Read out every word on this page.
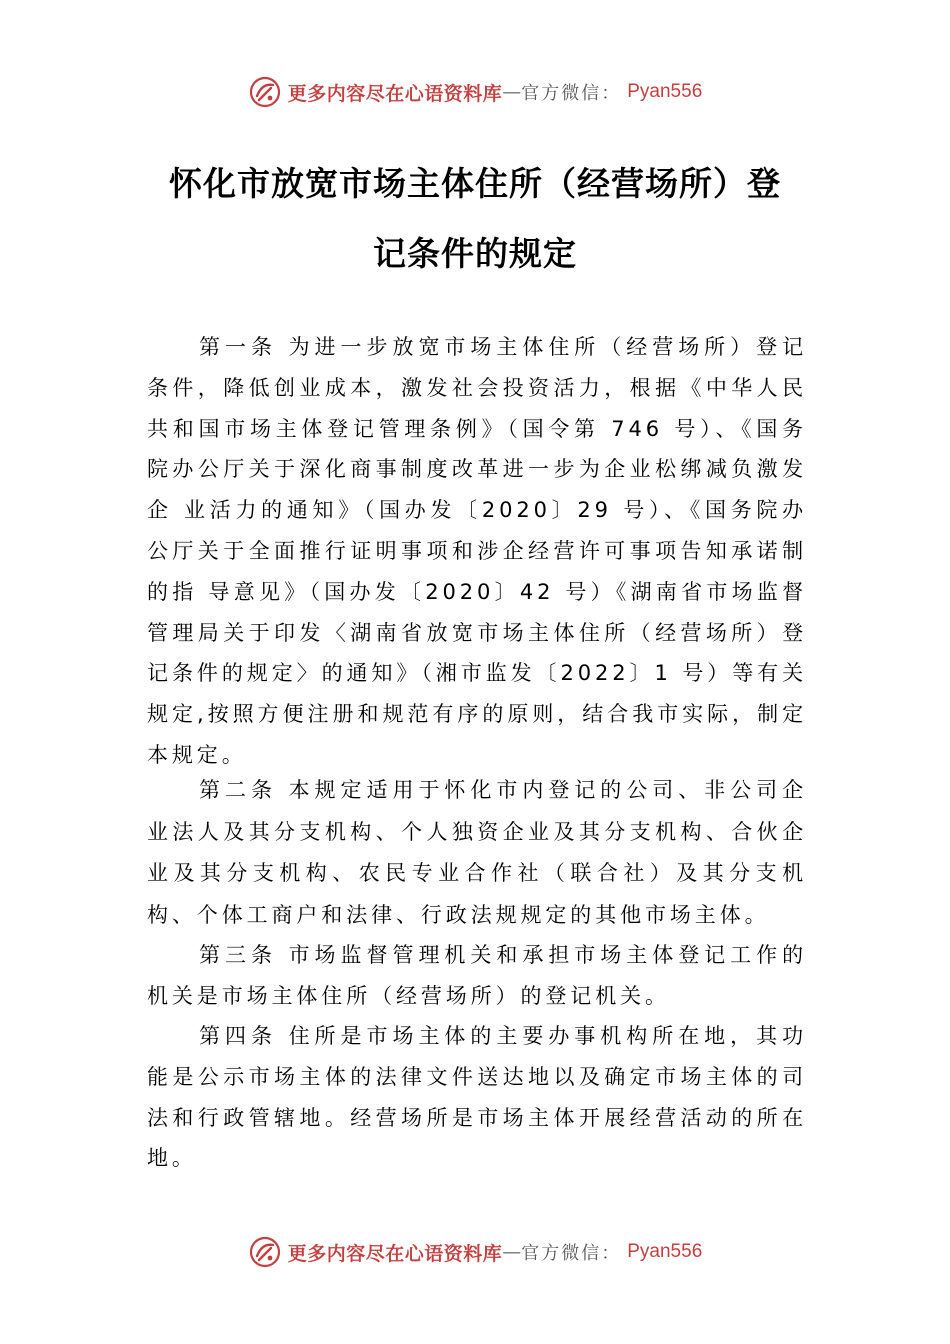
更多内容尽在心语资料库 — 官方微信： Pyan556
怀化市放宽市场主体住所（经营场所）登
记条件的规定

第一条 为进一步放宽市场主体住所（经营场所）登记条件，降低创业成本，激发社会投资活力，根据《中华人民共和国市场主体登记管理条例》（国令第 746 号）、《国务院办公厅关于深化商事制度改革进一步为企业松绑减负激发企 业活力的通知》（国办发〔2020〕29 号）、《国务院办公厅关于全面推行证明事项和涉企经营许可事项告知承诺制的指 导意见》（国办发〔2020〕42 号）《湖南省市场监督管理局关于印发〈湖南省放宽市场主体住所（经营场所）登记条件的规定〉的通知》（湘市监发〔2022〕1 号）等有关规定,按照方便注册和规范有序的原则，结合我市实际，制定本规定。

第二条 本规定适用于怀化市内登记的公司、非公司企业法人及其分支机构、个人独资企业及其分支机构、合伙企业及其分支机构、农民专业合作社（联合社）及其分支机构、个体工商户和法律、行政法规规定的其他市场主体。

第三条 市场监督管理机关和承担市场主体登记工作的机关是市场主体住所（经营场所）的登记机关。

第四条 住所是市场主体的主要办事机构所在地，其功能是公示市场主体的法律文件送达地以及确定市场主体的司法和行政管辖地。经营场所是市场主体开展经营活动的所在地。

更多内容尽在心语资料库 — 官方微信： Pyan556
